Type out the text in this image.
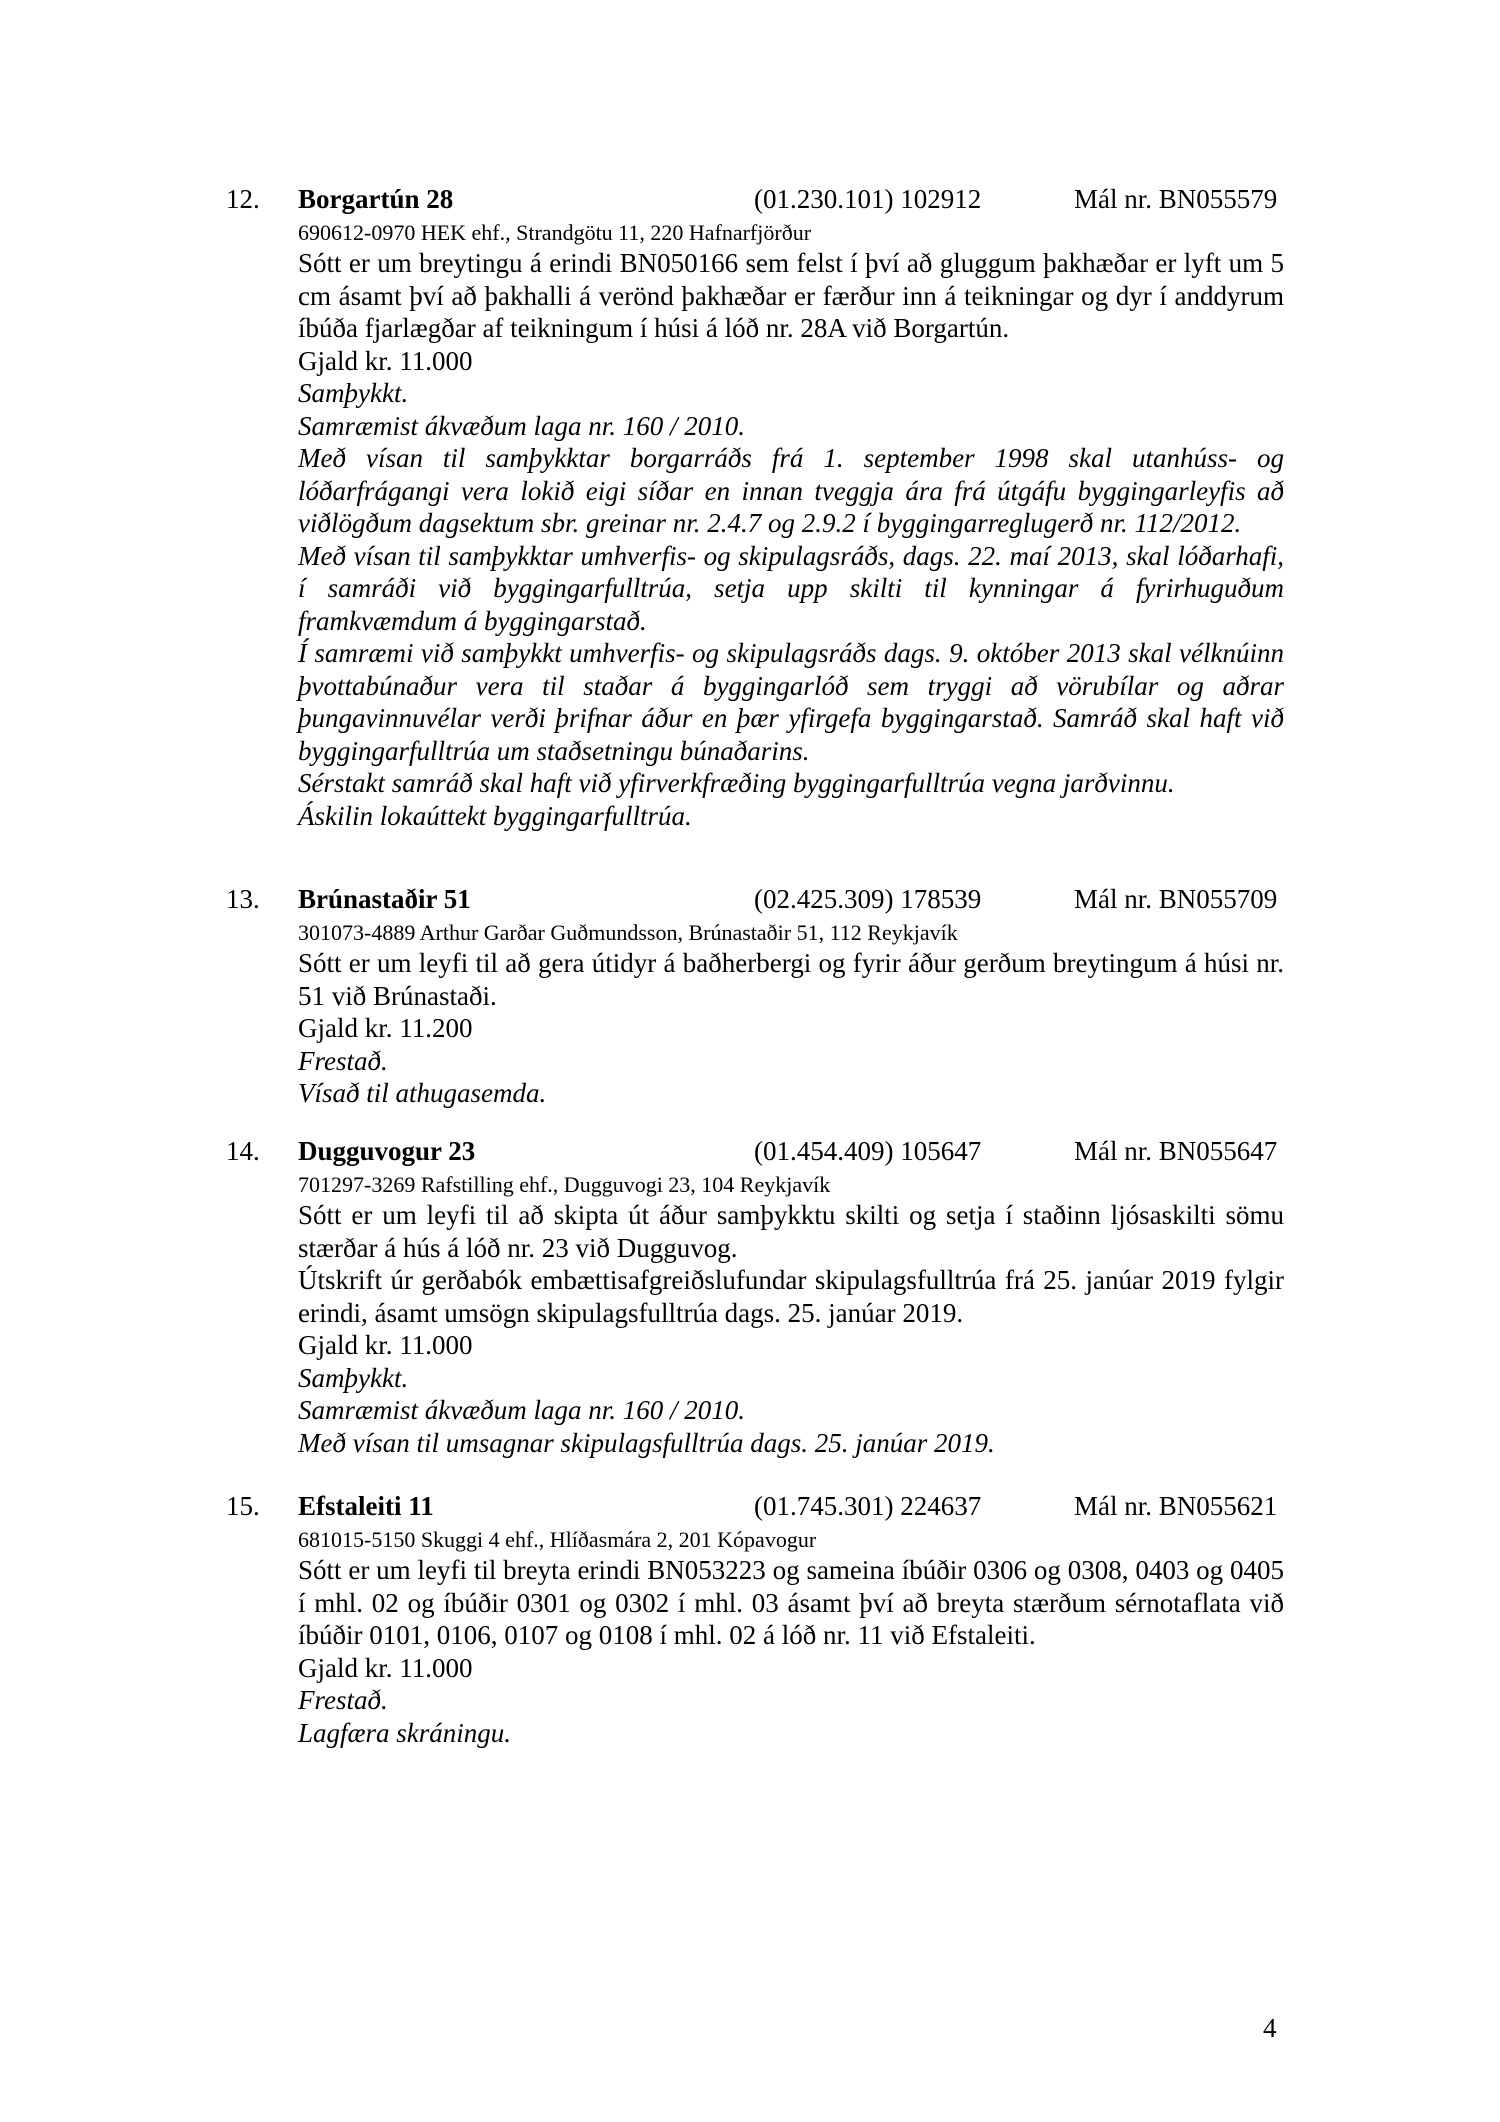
12. Borgartún 28	(01.230.101) 102912	Mál nr. BN055579
690612-0970 HEK ehf., Strandgötu 11, 220 Hafnarfjörður

Sótt er um breytingu á erindi BN050166 sem felst í því að gluggum þakhæðar er lyft um 5 cm ásamt því að þakhalli á verönd þakhæðar er færður inn á teikningar og dyr í anddyrum íbúða fjarlægðar af teikningum í húsi á lóð nr. 28A við Borgartún.

Gjald kr. 11.000

Samþykkt.

Samræmist ákvæðum laga nr. 160 / 2010.

Með vísan til samþykktar borgarráðs frá 1. september 1998 skal utanhúss- og lóðarfrágangi vera lokið eigi síðar en innan tveggja ára frá útgáfu byggingarleyfis að viðlögðum dagsektum sbr. greinar nr. 2.4.7 og 2.9.2 í byggingarreglugerð nr. 112/2012.

Með vísan til samþykktar umhverfis- og skipulagsráðs, dags. 22. maí 2013, skal lóðarhafi, í samráði við byggingarfulltrúa, setja upp skilti til kynningar á fyrirhuguðum framkvæmdum á byggingarstað.

Í samræmi við samþykkt umhverfis- og skipulagsráðs dags. 9. október 2013 skal vélknúinn þvottabúnaður vera til staðar á byggingarlóð sem tryggi að vörubílar og aðrar þungavinnuvélar verði þrifnar áður en þær yfirgefa byggingarstað. Samráð skal haft við byggingarfulltrúa um staðsetningu búnaðarins.

Sérstakt samráð skal haft við yfirverkfræðing byggingarfulltrúa vegna jarðvinnu.

Áskilin lokaúttekt byggingarfulltrúa.

13. Brúnastaðir 51	(02.425.309) 178539	Mál nr. BN055709
301073-4889 Arthur Garðar Guðmundsson, Brúnastaðir 51, 112 Reykjavík

Sótt er um leyfi til að gera útidyr á baðherbergi og fyrir áður gerðum breytingum á húsi nr. 51 við Brúnastaði.

Gjald kr. 11.200

Frestað.

Vísað til athugasemda.

14. Dugguvogur 23	(01.454.409) 105647	Mál nr. BN055647
701297-3269 Rafstilling ehf., Dugguvogi 23, 104 Reykjavík

Sótt er um leyfi til að skipta út áður samþykktu skilti og setja í staðinn ljósaskilti sömu stærðar á hús á lóð nr. 23 við Dugguvog.

Útskrift úr gerðabók embættisafgreiðslufundar skipulagsfulltrúa frá 25. janúar 2019 fylgir erindi, ásamt umsögn skipulagsfulltrúa dags. 25. janúar 2019.

Gjald kr. 11.000

Samþykkt.

Samræmist ákvæðum laga nr. 160 / 2010.

Með vísan til umsagnar skipulagsfulltrúa dags. 25. janúar 2019.

15. Efstaleiti 11	(01.745.301) 224637	Mál nr. BN055621
681015-5150 Skuggi 4 ehf., Hlíðasmára 2, 201 Kópavogur

Sótt er um leyfi til breyta erindi BN053223 og sameina íbúðir 0306 og 0308, 0403 og 0405 í mhl. 02 og íbúðir 0301 og 0302 í mhl. 03 ásamt því að breyta stærðum sérnotaflata við íbúðir 0101, 0106, 0107 og 0108 í mhl. 02 á lóð nr. 11 við Efstaleiti.

Gjald kr. 11.000

Frestað.

Lagfæra skráningu.

4
